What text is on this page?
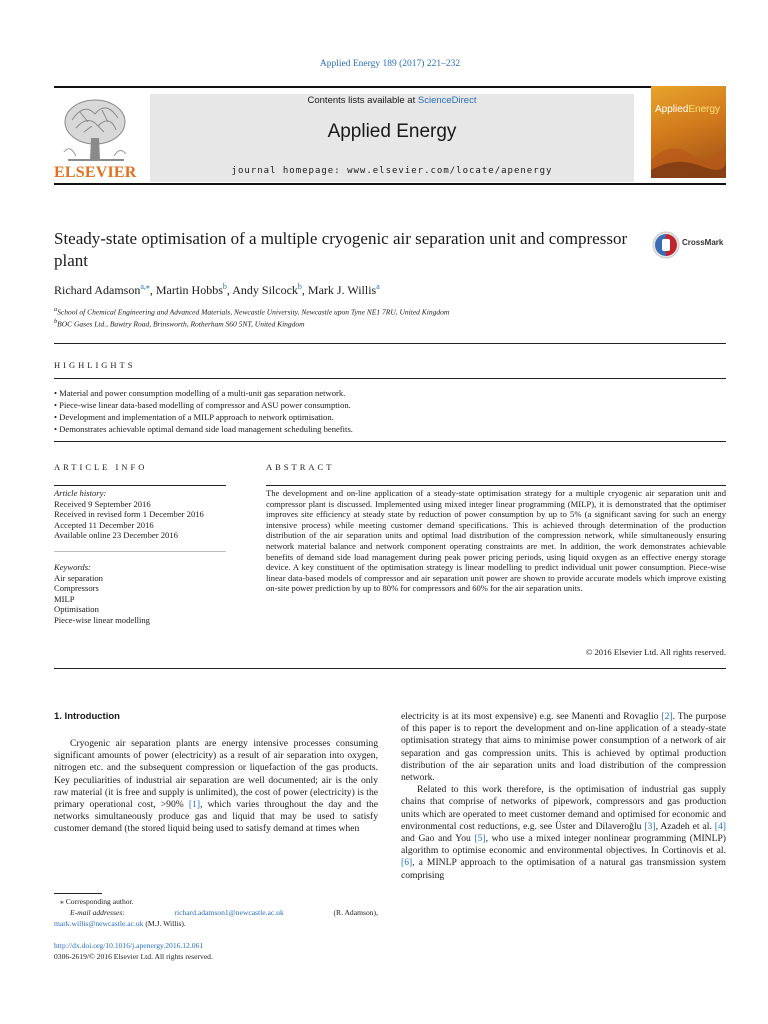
Applied Energy 189 (2017) 221–232
ELSEVIER
Contents lists available at ScienceDirect
Applied Energy
journal homepage: www.elsevier.com/locate/apenergy
AppliedEnergy
Steady-state optimisation of a multiple cryogenic air separation unit and compressor plant
CrossMark
Richard Adamson$^{a,⁎}$, Martin Hobbs$^b$, Andy Silcock$^b$, Mark J. Willis$^a$
$^a$School of Chemical Engineering and Advanced Materials, Newcastle University, Newcastle upon Tyne NE1 7RU, United Kingdom
$^b$BOC Gases Ltd., Bawtry Road, Brinsworth, Rotherham S60 5NT, United Kingdom
HIGHLIGHTS
• Material and power consumption modelling of a multi-unit gas separation network.
• Piece-wise linear data-based modelling of compressor and ASU power consumption.
• Development and implementation of a MILP approach to network optimisation.
• Demonstrates achievable optimal demand side load management scheduling benefits.
ARTICLE INFO	ABSTRACT
Article history:
Received 9 September 2016
Received in revised form 1 December 2016
Accepted 11 December 2016
Available online 23 December 2016
Keywords:
Air separation
Compressors
MILP
Optimisation
Piece-wise linear modelling
The development and on-line application of a steady-state optimisation strategy for a multiple cryogenic air separation unit and compressor plant is discussed. Implemented using mixed integer linear programming (MILP), it is demonstrated that the optimiser improves site efficiency at steady state by reduction of power consumption by up to 5% (a significant saving for such an energy intensive process) while meeting customer demand specifications. This is achieved through determination of the production distribution of the air separation units and optimal load distribution of the compression network, while simultaneously ensuring network material balance and network component operating constraints are met. In addition, the work demonstrates achievable benefits of demand side load management during peak power pricing periods, using liquid oxygen as an effective energy storage device. A key constituent of the optimisation strategy is linear modelling to predict individual unit power consumption. Piece-wise linear data-based models of compressor and air separation unit power are shown to provide accurate models which improve existing on-site power prediction by up to 80% for compressors and 60% for the air separation units.
© 2016 Elsevier Ltd. All rights reserved.
1. Introduction

Cryogenic air separation plants are energy intensive processes consuming significant amounts of power (electricity) as a result of air separation into oxygen, nitrogen etc. and the subsequent compression or liquefaction of the gas products. Key peculiarities of industrial air separation are well documented; air is the only raw material (it is free and supply is unlimited), the cost of power (electricity) is the primary operational cost, >90% [1], which varies throughout the day and the networks simultaneously produce gas and liquid that may be used to satisfy customer demand (the stored liquid being used to satisfy demand at times when

electricity is at its most expensive) e.g. see Manenti and Rovaglio [2]. The purpose of this paper is to report the development and on-line application of a steady-state optimisation strategy that aims to minimise power consumption of a network of air separation and gas compression units. This is achieved by optimal production distribution of the air separation units and load distribution of the compression network.

Related to this work therefore, is the optimisation of industrial gas supply chains that comprise of networks of pipework, compressors and gas production units which are operated to meet customer demand and optimised for economic and environmental cost reductions, e.g. see Üster and Dilaveroğlu [3], Azadeh et al. [4] and Gao and You [5], who use a mixed integer nonlinear programming (MINLP) algorithm to optimise economic and environmental objectives. In Cortinovis et al. [6], a MINLP approach to the optimisation of a natural gas transmission system comprising

⁎ Corresponding author.
E-mail addresses:	richard.adamson1@newcastle.ac.uk	(R. Adamson),
mark.willis@newcastle.ac.uk (M.J. Willis).
http://dx.doi.org/10.1016/j.apenergy.2016.12.061
0306-2619/© 2016 Elsevier Ltd. All rights reserved.
